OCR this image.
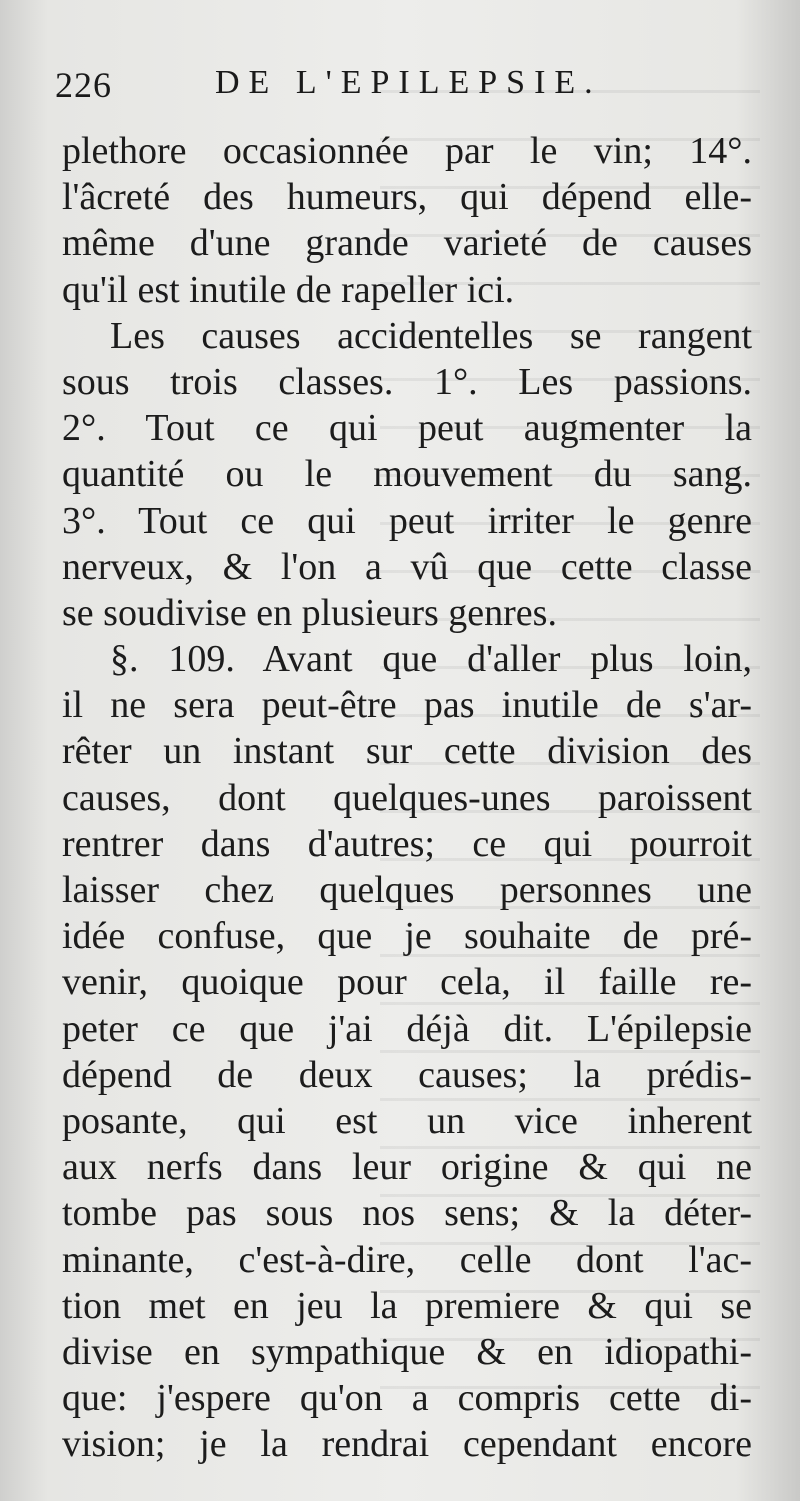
226	DE L'EPILEPSIE.
plethore occasionnée par le vin; 14°.
l'âcreté des humeurs, qui dépend elle-
même d'une grande varieté de causes
qu'il est inutile de rapeller ici.
Les causes accidentelles se rangent
sous trois classes. 1°. Les passions.
2°. Tout ce qui peut augmenter la
quantité ou le mouvement du sang.
3°. Tout ce qui peut irriter le genre
nerveux, & l'on a vû que cette classe
se soudivise en plusieurs genres.
§. 109. Avant que d'aller plus loin,
il ne sera peut-être pas inutile de s'ar-
rêter un instant sur cette division des
causes, dont quelques-unes paroissent
rentrer dans d'autres; ce qui pourroit
laisser chez quelques personnes une
idée confuse, que je souhaite de pré-
venir, quoique pour cela, il faille re-
peter ce que j'ai déjà dit. L'épilepsie
dépend de deux causes; la prédis-
posante, qui est un vice inherent
aux nerfs dans leur origine & qui ne
tombe pas sous nos sens; & la déter-
minante, c'est-à-dire, celle dont l'ac-
tion met en jeu la premiere & qui se
divise en sympathique & en idiopathi-
que: j'espere qu'on a compris cette di-
vision; je la rendrai cependant encore
